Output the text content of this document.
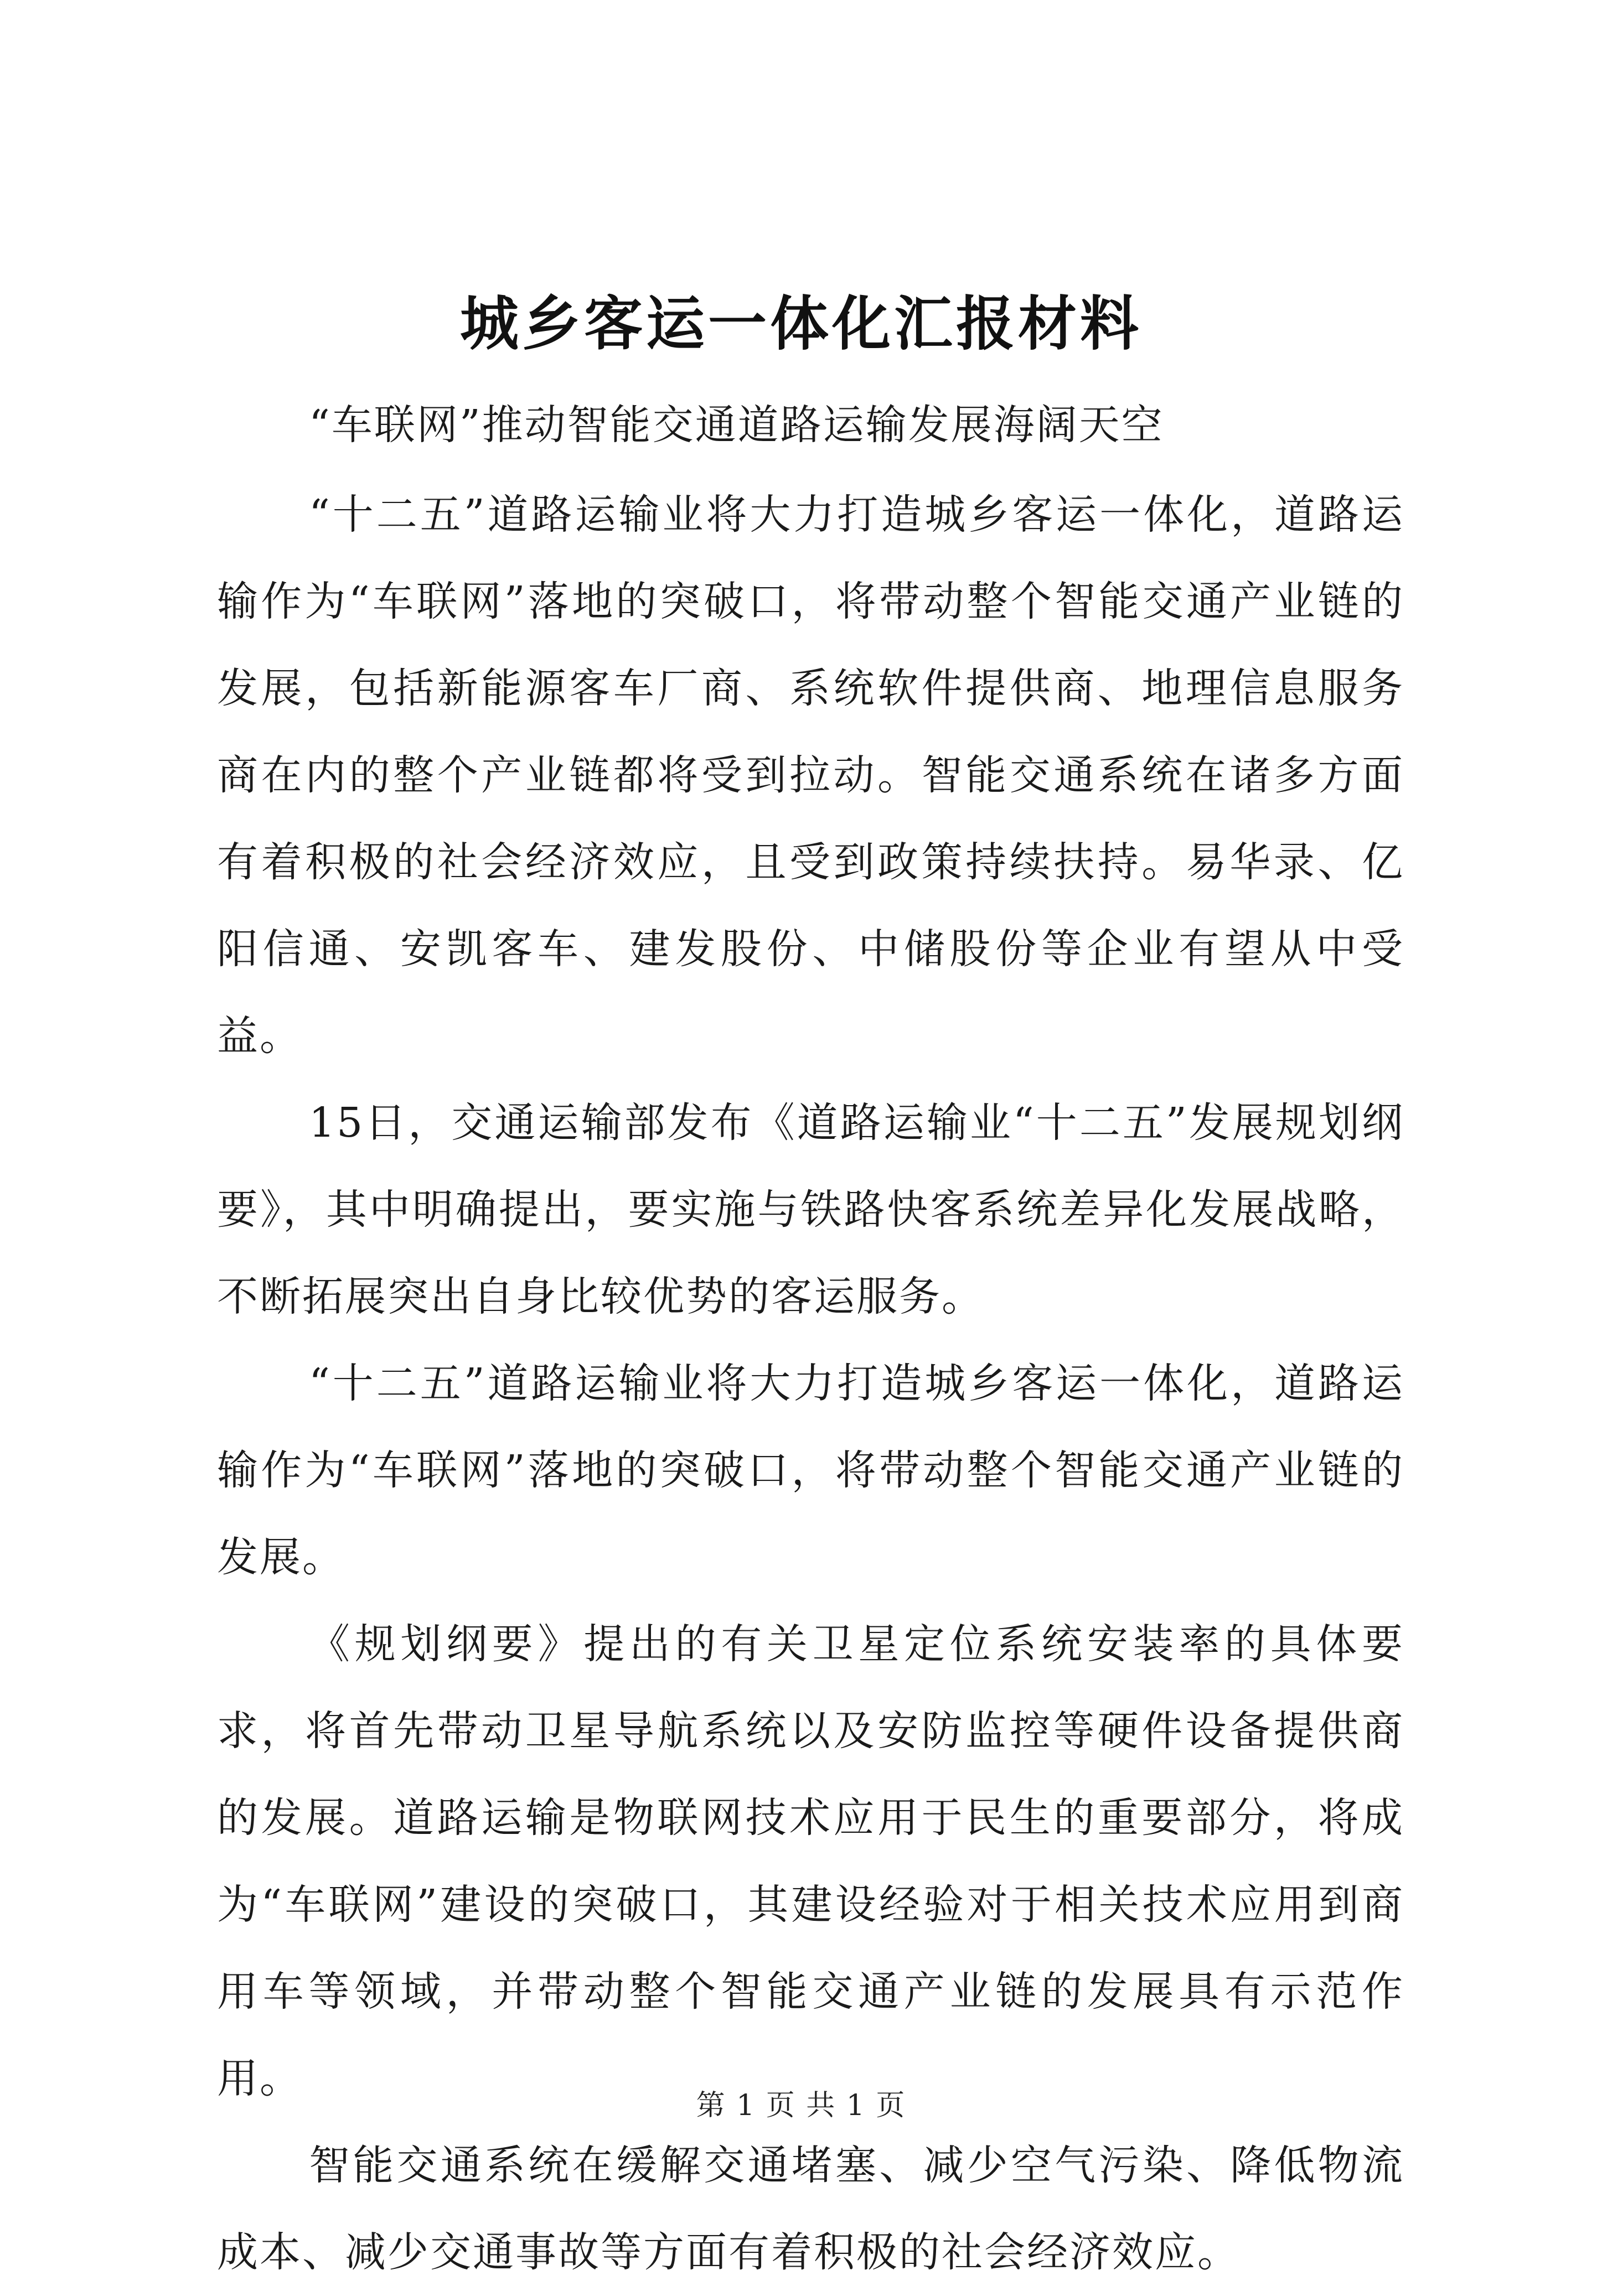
城乡客运一体化汇报材料

“车联网”推动智能交通道路运输发展海阔天空

“十二五”道路运输业将大力打造城乡客运一体化，道路运输作为“车联网”落地的突破口，将带动整个智能交通产业链的发展，包括新能源客车厂商、系统软件提供商、地理信息服务商在内的整个产业链都将受到拉动。智能交通系统在诸多方面有着积极的社会经济效应，且受到政策持续扶持。易华录、亿阳信通、安凯客车、建发股份、中储股份等企业有望从中受益。

15日，交通运输部发布《道路运输业“十二五”发展规划纲要》，其中明确提出，要实施与铁路快客系统差异化发展战略，不断拓展突出自身比较优势的客运服务。

“十二五”道路运输业将大力打造城乡客运一体化，道路运输作为“车联网”落地的突破口，将带动整个智能交通产业链的发展。

《规划纲要》提出的有关卫星定位系统安装率的具体要求，将首先带动卫星导航系统以及安防监控等硬件设备提供商的发展。道路运输是物联网技术应用于民生的重要部分，将成为“车联网”建设的突破口，其建设经验对于相关技术应用到商用车等领域，并带动整个智能交通产业链的发展具有示范作用。

智能交通系统在缓解交通堵塞、减少空气污染、降低物流成本、减少交通事故等方面有着积极的社会经济效应。

第 1 页 共 1 页
